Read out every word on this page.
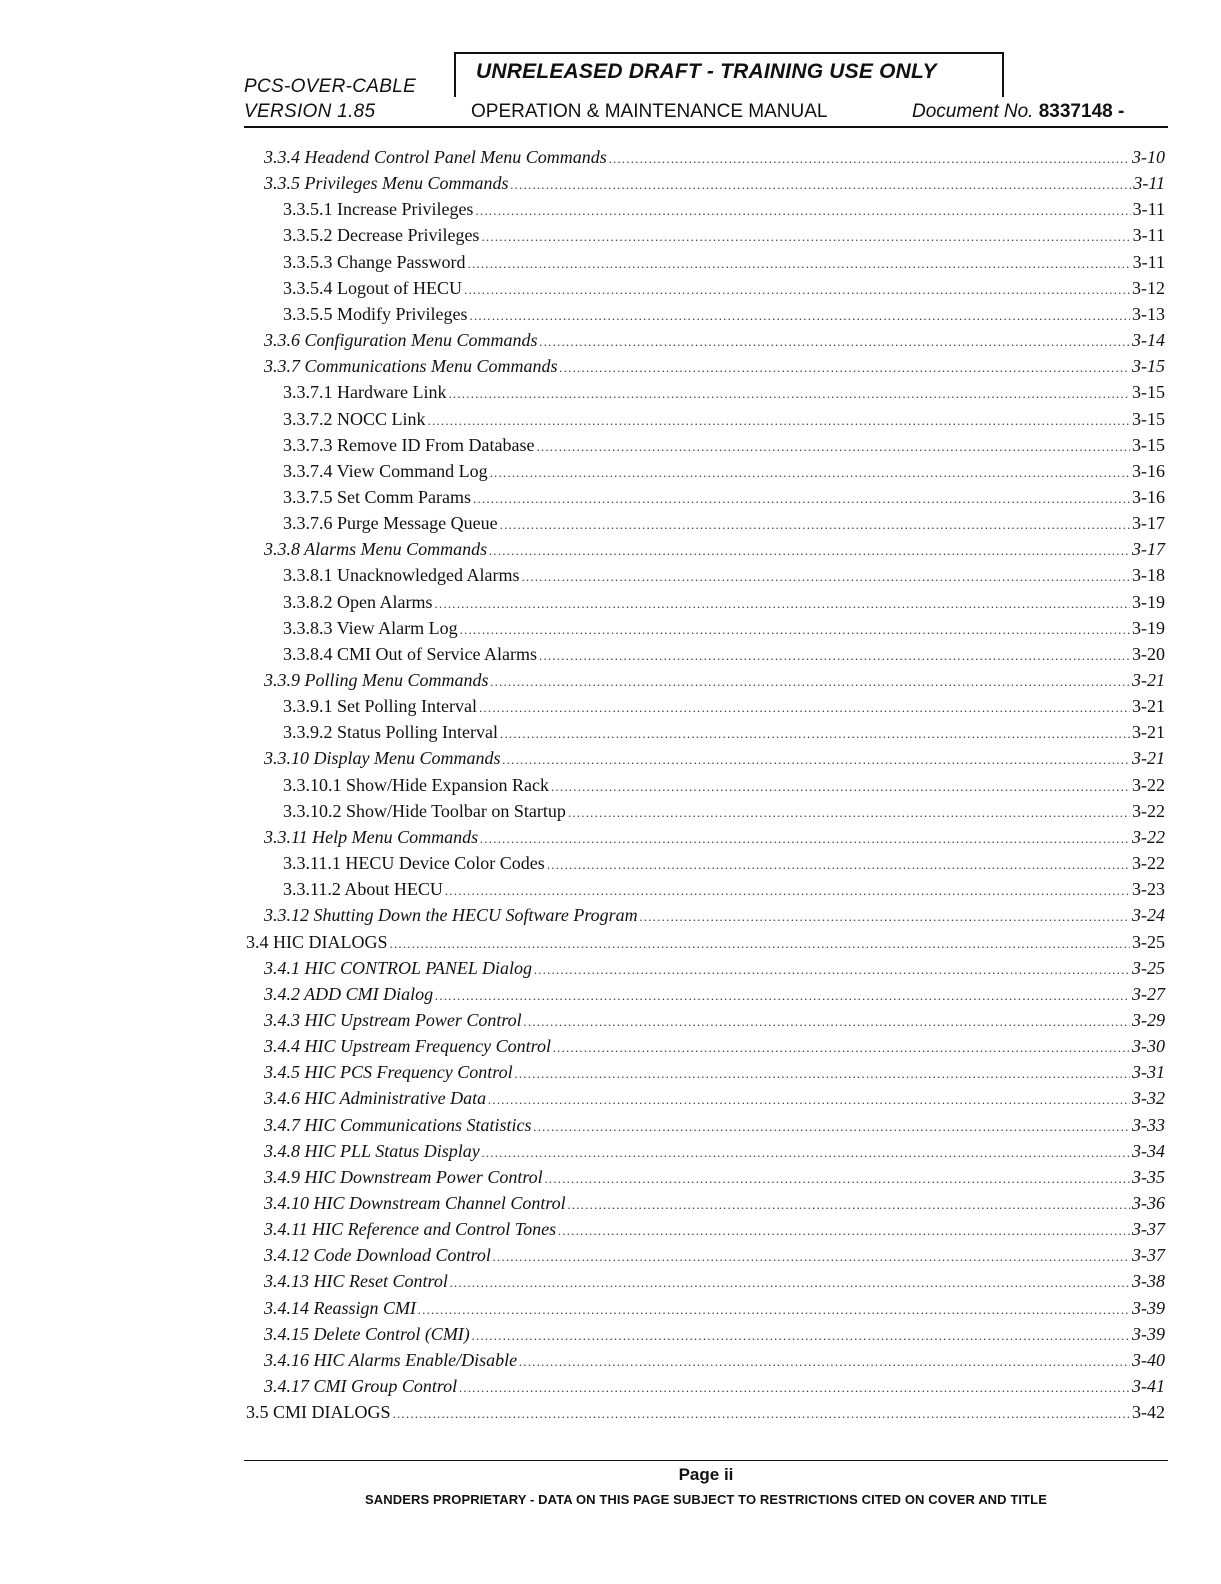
PCS-OVER-CABLE
VERSION 1.85
UNRELEASED DRAFT - TRAINING USE ONLY
OPERATION & MAINTENANCE MANUAL	Document No. 8337148 -
3.3.4 Headend Control Panel Menu Commands .....	3-10
3.3.5 Privileges Menu Commands .....	3-11
3.3.5.1 Increase Privileges .....	3-11
3.3.5.2 Decrease Privileges .....	3-11
3.3.5.3 Change Password .....	3-11
3.3.5.4 Logout of HECU .....	3-12
3.3.5.5 Modify Privileges .....	3-13
3.3.6 Configuration Menu Commands .....	3-14
3.3.7 Communications Menu Commands .....	3-15
3.3.7.1 Hardware Link .....	3-15
3.3.7.2 NOCC Link .....	3-15
3.3.7.3 Remove ID From Database .....	3-15
3.3.7.4 View Command Log .....	3-16
3.3.7.5 Set Comm Params .....	3-16
3.3.7.6 Purge Message Queue .....	3-17
3.3.8 Alarms Menu Commands .....	3-17
3.3.8.1 Unacknowledged Alarms .....	3-18
3.3.8.2 Open Alarms .....	3-19
3.3.8.3 View Alarm Log .....	3-19
3.3.8.4 CMI Out of Service Alarms .....	3-20
3.3.9 Polling Menu Commands .....	3-21
3.3.9.1 Set Polling Interval .....	3-21
3.3.9.2 Status Polling Interval .....	3-21
3.3.10 Display Menu Commands .....	3-21
3.3.10.1 Show/Hide Expansion Rack .....	3-22
3.3.10.2 Show/Hide Toolbar on Startup .....	3-22
3.3.11 Help Menu Commands .....	3-22
3.3.11.1 HECU Device Color Codes .....	3-22
3.3.11.2 About HECU .....	3-23
3.3.12 Shutting Down the HECU Software Program .....	3-24
3.4 HIC DIALOGS .....	3-25
3.4.1 HIC CONTROL PANEL Dialog .....	3-25
3.4.2 ADD CMI Dialog .....	3-27
3.4.3 HIC Upstream Power Control .....	3-29
3.4.4 HIC Upstream Frequency Control .....	3-30
3.4.5 HIC PCS Frequency Control .....	3-31
3.4.6 HIC Administrative Data .....	3-32
3.4.7 HIC Communications Statistics .....	3-33
3.4.8 HIC PLL Status Display .....	3-34
3.4.9 HIC Downstream Power Control .....	3-35
3.4.10 HIC Downstream Channel Control .....	3-36
3.4.11 HIC Reference and Control Tones .....	3-37
3.4.12 Code Download Control .....	3-37
3.4.13 HIC Reset Control .....	3-38
3.4.14 Reassign CMI .....	3-39
3.4.15 Delete Control (CMI) .....	3-39
3.4.16 HIC Alarms Enable/Disable .....	3-40
3.4.17 CMI Group Control .....	3-41
3.5 CMI DIALOGS .....	3-42
Page ii
SANDERS PROPRIETARY - DATA ON THIS PAGE SUBJECT TO RESTRICTIONS CITED ON COVER AND TITLE
